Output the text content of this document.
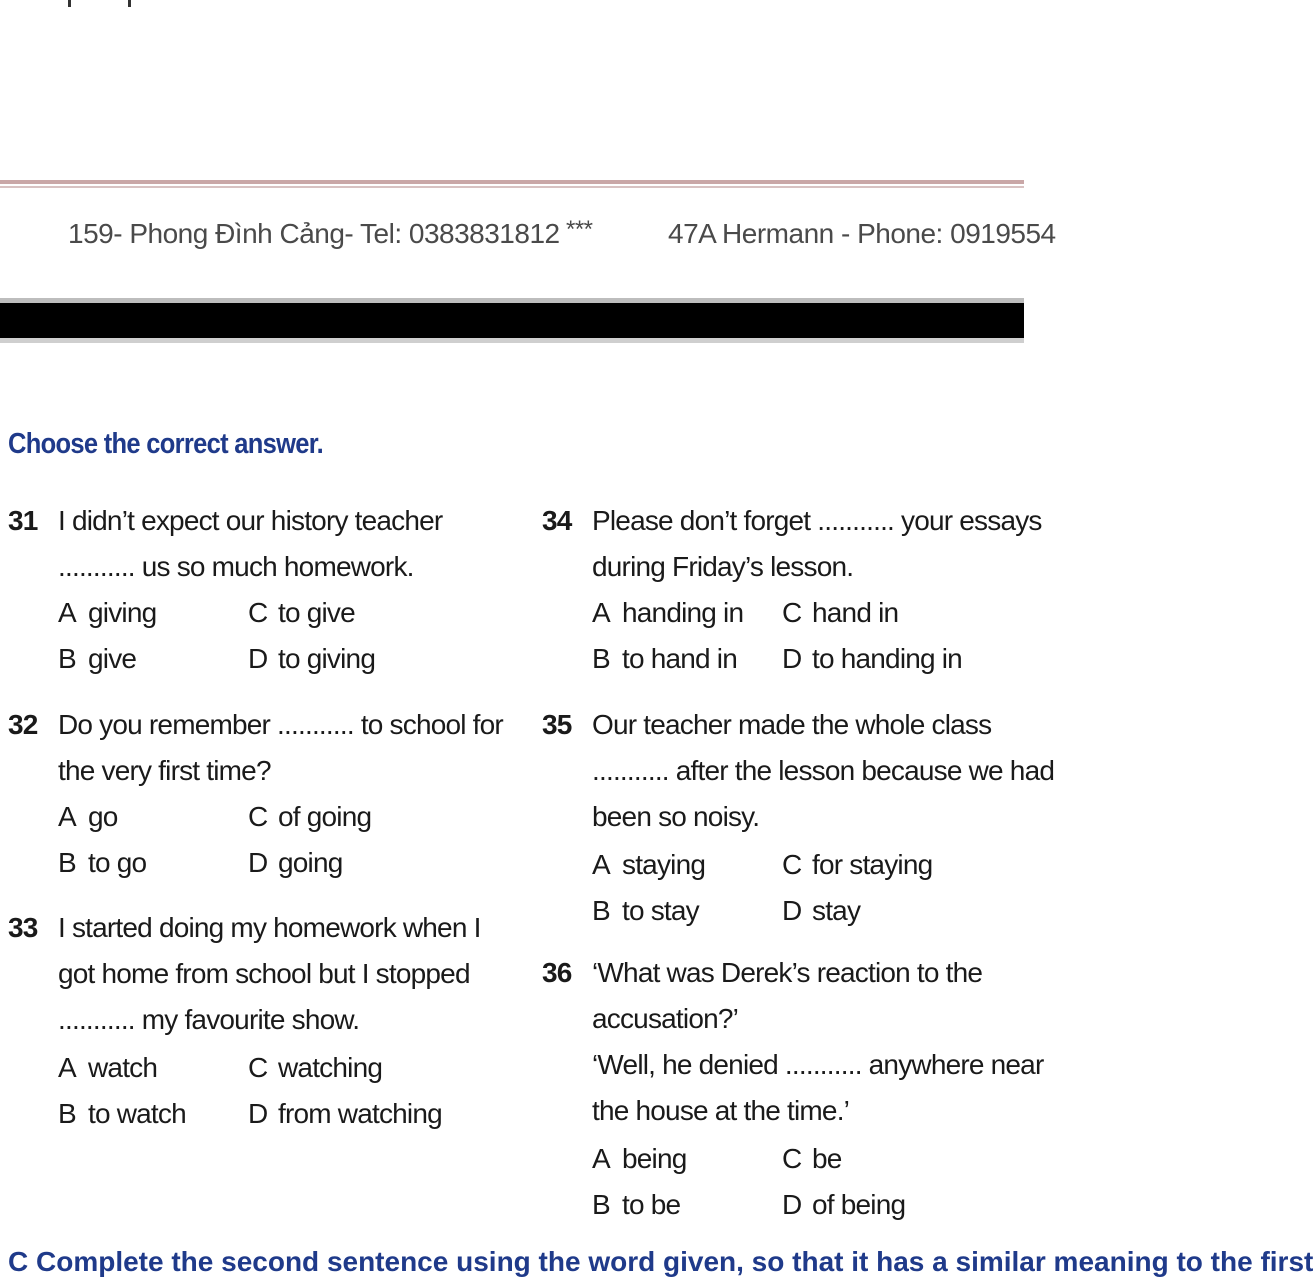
159- Phong Đình Cảng- Tel: 0383831812 ***	47A Hermann - Phone: 0919554
Choose the correct answer.
31 I didn’t expect our history teacher
........... us so much homework.
A giving	C to give
B give	D to giving
32 Do you remember ........... to school for
the very first time?
A go	C of going
B to go	D going
33 I started doing my homework when I
got home from school but I stopped
........... my favourite show.
A watch	C watching
B to watch D from watching
34 Please don’t forget ........... your essays
during Friday’s lesson.
A handing in C hand in
B to hand in D to handing in
35 Our teacher made the whole class
........... after the lesson because we had
been so noisy.
A staying	C for staying
B to stay	D stay
36 ‘What was Derek’s reaction to the
accusation?’
‘Well, he denied ........... anywhere near
the house at the time.’
A being	C be
B to be	D of being
C Complete the second sentence using the word given, so that it has a similar meaning to the first
